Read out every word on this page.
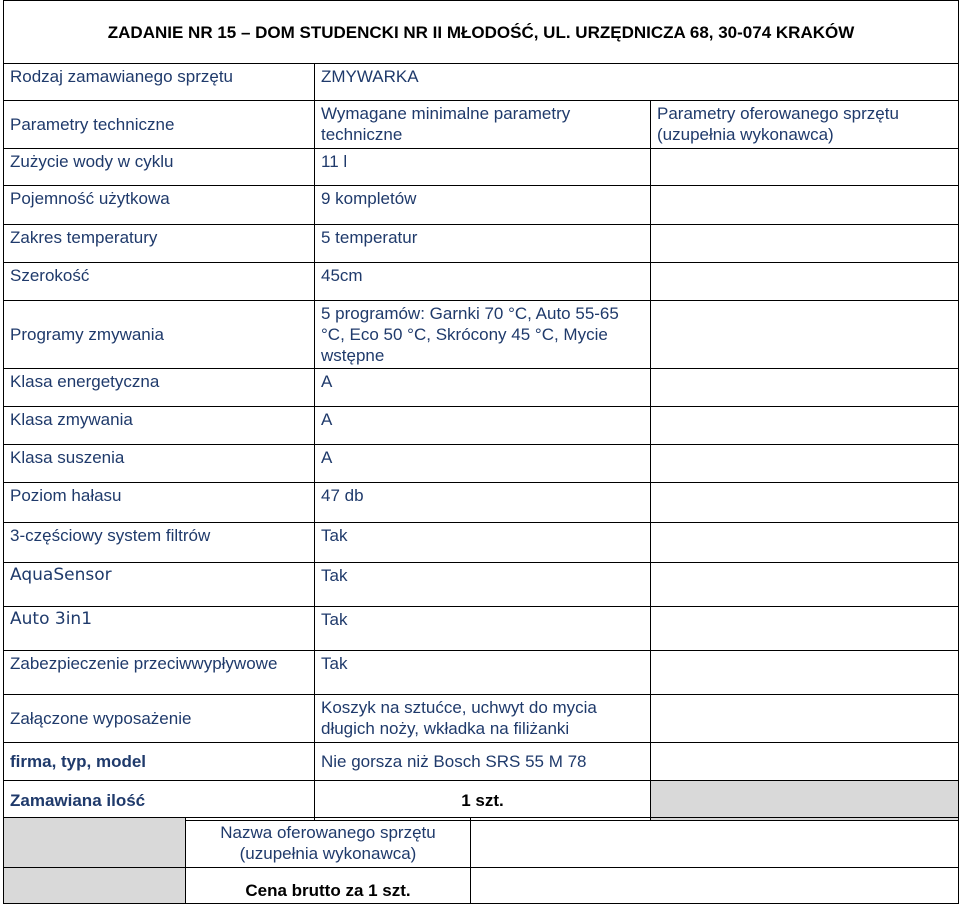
ZADANIE NR 15 – DOM STUDENCKI NR II MŁODOŚĆ, UL. URZĘDNICZA 68, 30-074 KRAKÓW		
Rodzaj zamawianego sprzętu	ZMYWARKA	
Parametry techniczne	Wymagane minimalne parametry techniczne	Parametry oferowanego sprzętu (uzupełnia wykonawca)
Zużycie wody w cyklu	11 l	
Pojemność użytkowa	9 kompletów	
Zakres temperatury	5 temperatur	
Szerokość	45cm	
Programy zmywania	5 programów: Garnki 70 °C, Auto 55-65 °C, Eco 50 °C, Skrócony 45 °C, Mycie wstępne	
Klasa energetyczna	A	
Klasa zmywania	A	
Klasa suszenia	A	
Poziom hałasu	47 db	
3-częściowy system filtrów	Tak	
AquaSensor	Tak	
Auto 3in1	Tak	
Zabezpieczenie przeciwwypływowe	Tak	
Załączone wyposażenie	Koszyk na sztućce, uchwyt do mycia długich noży, wkładka na filiżanki	
firma, typ, model	Nie gorsza niż Bosch SRS 55 M 78	
Zamawiana ilość	1 szt.	
	Nazwa oferowanego sprzętu (uzupełnia wykonawca)	
	Cena brutto za 1 szt.	
